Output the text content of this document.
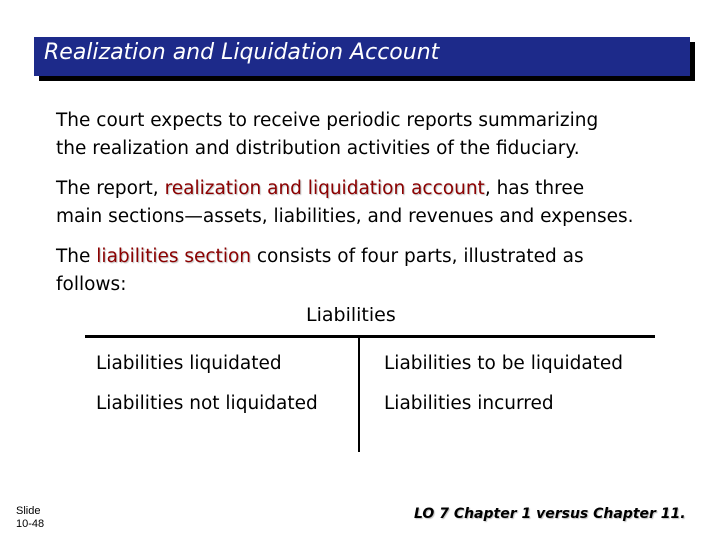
Realization and Liquidation Account
The court expects to receive periodic reports summarizing
the realization and distribution activities of the fiduciary.
The report, realization and liquidation account, has three
main sections—assets, liabilities, and revenues and expenses.
The liabilities section consists of four parts, illustrated as
follows:
Liabilities
Liabilities liquidated
Liabilities not liquidated
Liabilities to be liquidated
Liabilities incurred
Slide
10-48
LO 7 Chapter 1 versus Chapter 11.
